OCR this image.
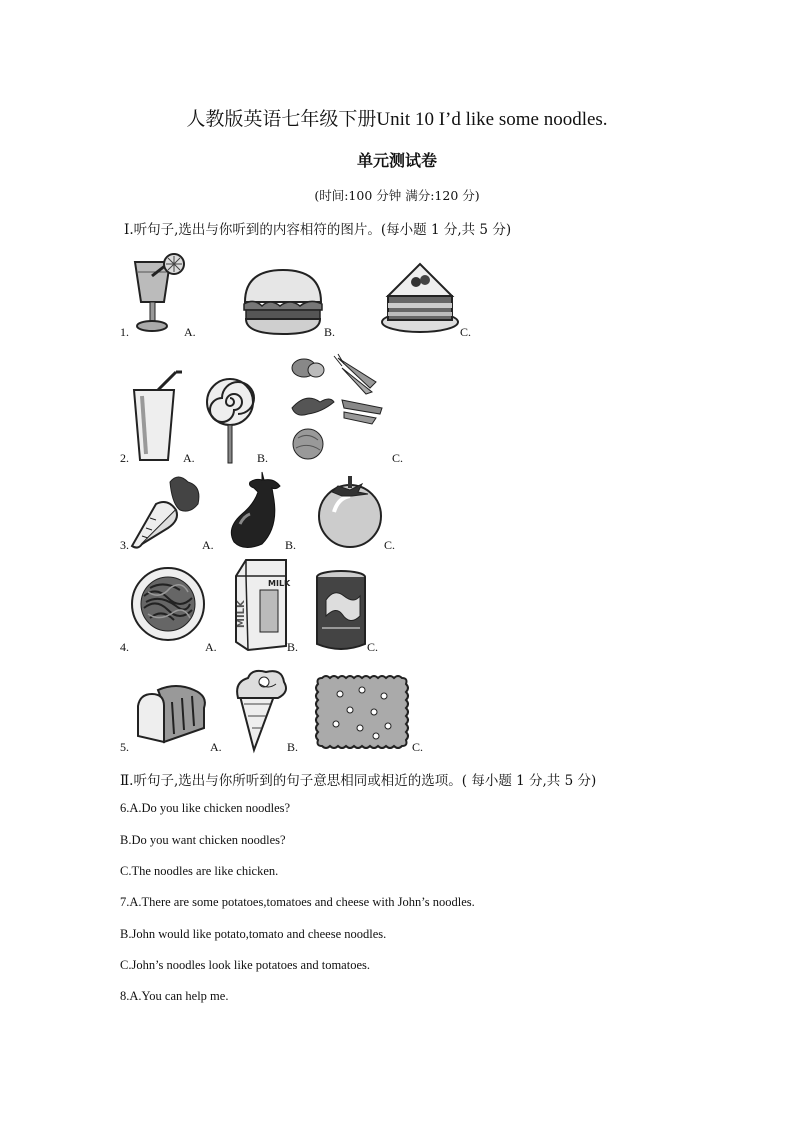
人教版英语七年级下册Unit 10 I’d like some noodles.
单元测试卷
(时间:100 分钟 满分:120 分)
Ⅰ.听句子,选出与你听到的内容相符的图片。(每小题 1 分,共 5 分)
1.	A.	B.	C.
2.	A.	B.	C.
3.	A.	B.	C.
4.	A.
MILK
MILK
B.	C.
5.	A.	B.	C.
Ⅱ.听句子,选出与你所听到的句子意思相同或相近的选项。( 每小题 1 分,共 5 分)
6.A.Do you like chicken noodles?
B.Do you want chicken noodles?
C.The noodles are like chicken.
7.A.There are some potatoes,tomatoes and cheese with John’s noodles.
B.John would like potato,tomato and cheese noodles.
C.John’s noodles look like potatoes and tomatoes.
8.A.You can help me.
